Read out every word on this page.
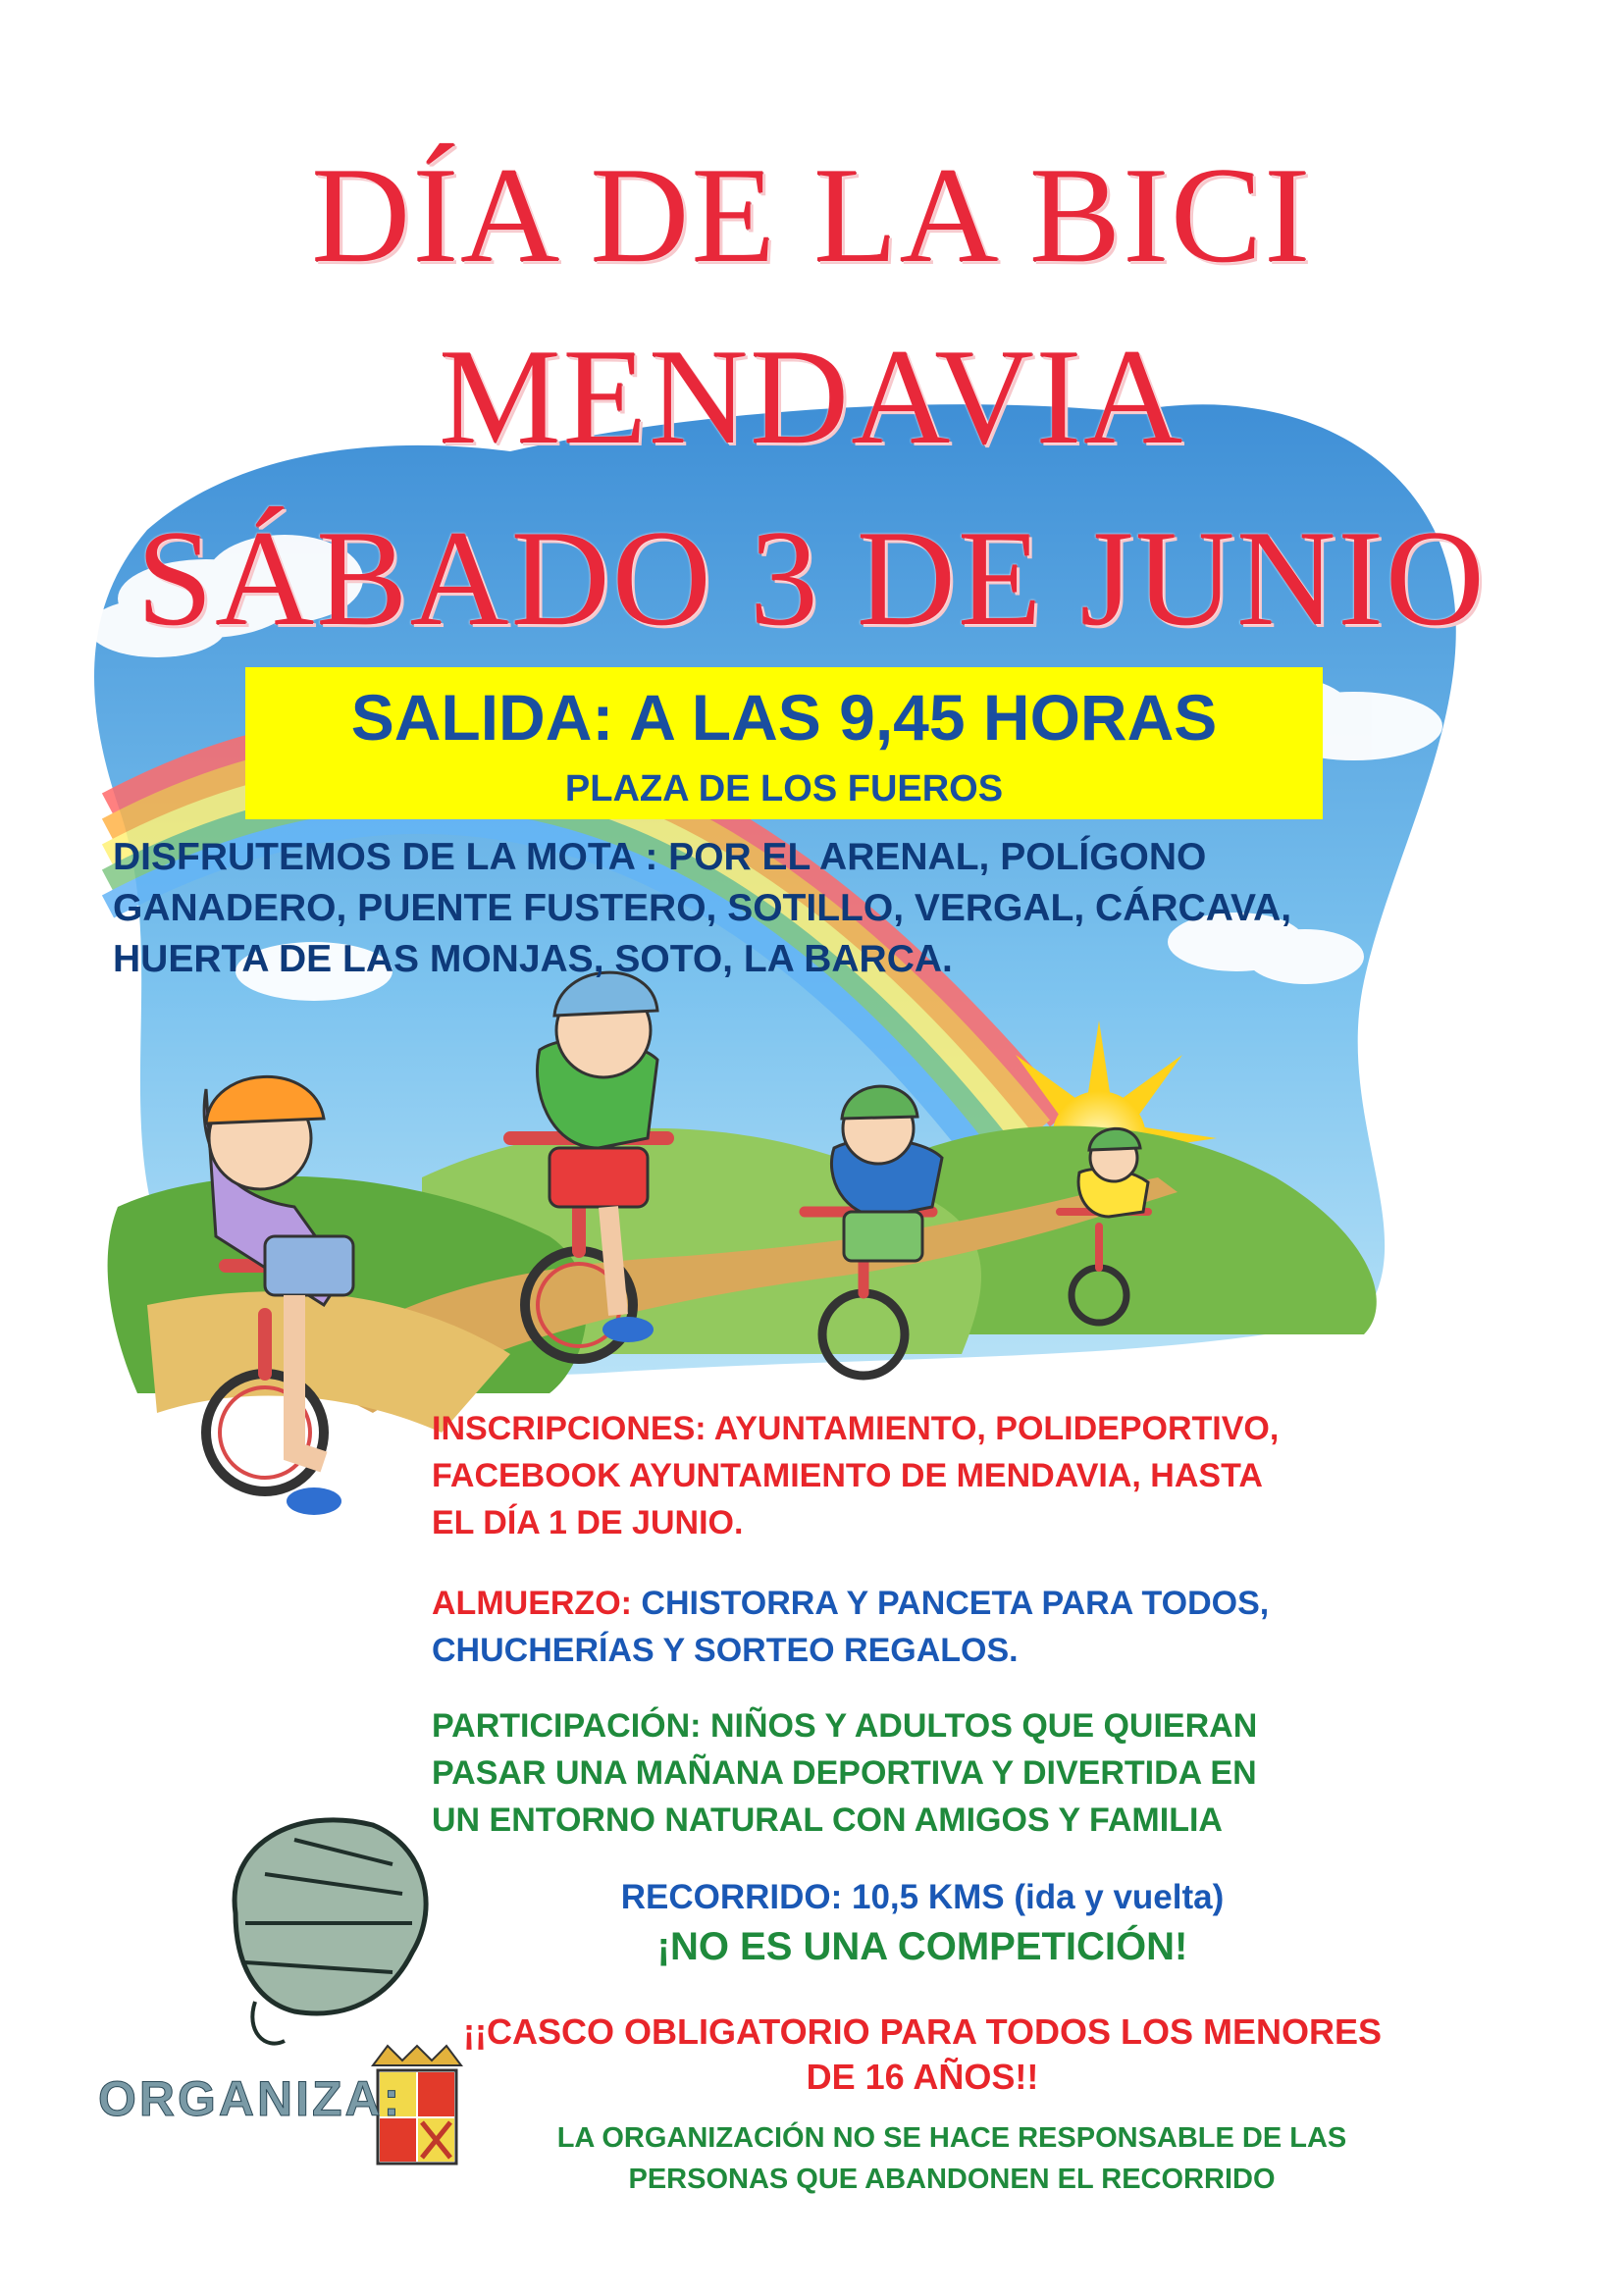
DÍA DE LA BICI
MENDAVIA
SÁBADO 3 DE JUNIO
SALIDA: A LAS 9,45 HORAS
PLAZA DE LOS FUEROS
DISFRUTEMOS DE LA MOTA : POR EL ARENAL, POLÍGONO
GANADERO, PUENTE FUSTERO, SOTILLO, VERGAL, CÁRCAVA,
HUERTA DE LAS MONJAS, SOTO, LA BARCA.
INSCRIPCIONES: AYUNTAMIENTO, POLIDEPORTIVO,
FACEBOOK AYUNTAMIENTO DE MENDAVIA, HASTA
EL DÍA 1 DE JUNIO.
ALMUERZO: CHISTORRA Y PANCETA PARA TODOS,
CHUCHERÍAS Y SORTEO REGALOS.
PARTICIPACIÓN: NIÑOS Y ADULTOS QUE QUIERAN
PASAR UNA MAÑANA DEPORTIVA Y DIVERTIDA EN
UN ENTORNO NATURAL CON AMIGOS Y FAMILIA
RECORRIDO: 10,5 KMS (ida y vuelta)
¡NO ES UNA COMPETICIÓN!
¡¡CASCO OBLIGATORIO PARA TODOS LOS MENORES
DE 16 AÑOS!!
LA ORGANIZACIÓN NO SE HACE RESPONSABLE DE LAS
PERSONAS QUE ABANDONEN EL RECORRIDO
ORGANIZA:
